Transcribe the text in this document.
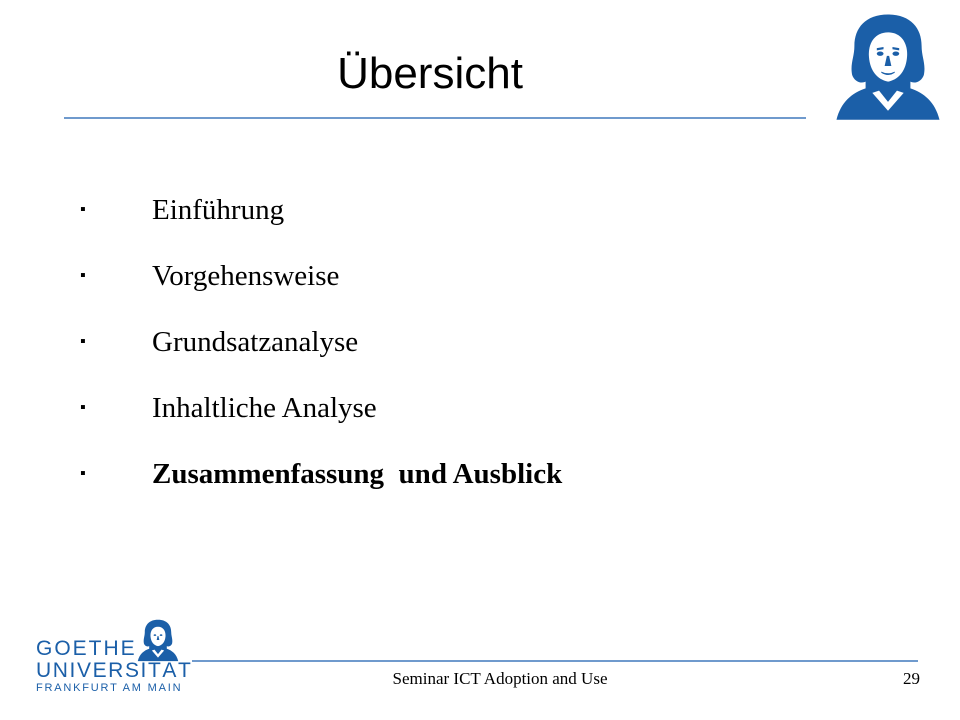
Übersicht
▪ Einführung
▪ Vorgehensweise
▪ Grundsatzanalyse
▪ Inhaltliche Analyse
▪ Zusammenfassung  und Ausblick
GOETHE
UNIVERSITÄT
FRANKFURT AM MAIN	Seminar ICT Adoption and Use	29
